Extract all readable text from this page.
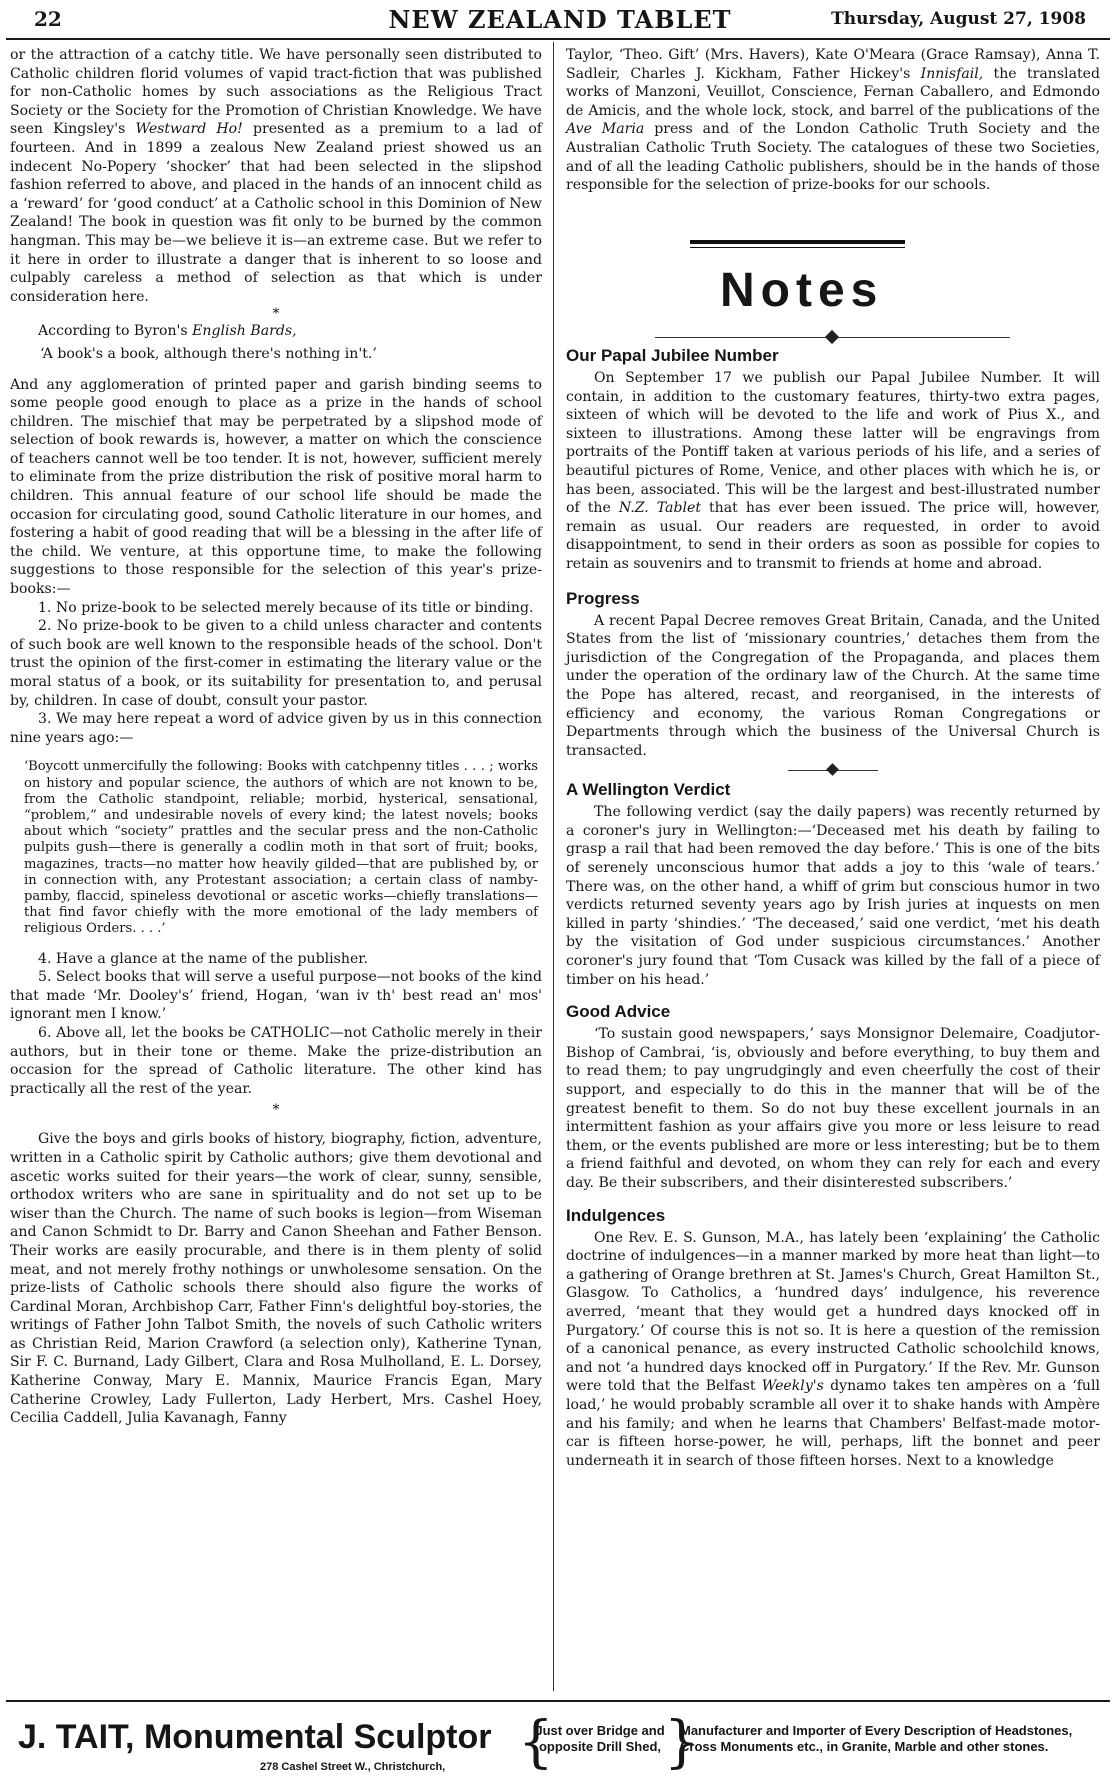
22	NEW ZEALAND TABLET	Thursday, August 27, 1908

or the attraction of a catchy title. We have personally seen distributed to Catholic children florid volumes of vapid tract-fiction that was published for non-Catholic homes by such associations as the Religious Tract Society or the Society for the Promotion of Christian Knowledge. We have seen Kingsley's Westward Ho! presented as a premium to a lad of fourteen. And in 1899 a zealous New Zealand priest showed us an indecent No-Popery ‘shocker’ that had been selected in the slipshod fashion referred to above, and placed in the hands of an innocent child as a ‘reward’ for ‘good conduct’ at a Catholic school in this Dominion of New Zealand! The book in question was fit only to be burned by the common hangman. This may be—we believe it is—an extreme case. But we refer to it here in order to illustrate a danger that is inherent to so loose and culpably careless a method of selection as that which is under consideration here.

*

According to Byron's English Bards,

‘A book's a book, although there's nothing in't.’

And any agglomeration of printed paper and garish binding seems to some people good enough to place as a prize in the hands of school children. The mischief that may be perpetrated by a slipshod mode of selection of book rewards is, however, a matter on which the conscience of teachers cannot well be too tender. It is not, however, sufficient merely to eliminate from the prize distribution the risk of positive moral harm to children. This annual feature of our school life should be made the occasion for circulating good, sound Catholic literature in our homes, and fostering a habit of good reading that will be a blessing in the after life of the child. We venture, at this opportune time, to make the following suggestions to those responsible for the selection of this year's prize-books:—

1. No prize-book to be selected merely because of its title or binding.

2. No prize-book to be given to a child unless character and contents of such book are well known to the responsible heads of the school. Don't trust the opinion of the first-comer in estimating the literary value or the moral status of a book, or its suitability for presentation to, and perusal by, children. In case of doubt, consult your pastor.

3. We may here repeat a word of advice given by us in this connection nine years ago:—

‘Boycott unmercifully the following: Books with catchpenny titles . . . ; works on history and popular science, the authors of which are not known to be, from the Catholic standpoint, reliable; morbid, hysterical, sensational, “problem,” and undesirable novels of every kind; the latest novels; books about which “society” prattles and the secular press and the non-Catholic pulpits gush—there is generally a codlin moth in that sort of fruit; books, magazines, tracts—no matter how heavily gilded—that are published by, or in connection with, any Protestant association; a certain class of namby-pamby, flaccid, spineless devotional or ascetic works—chiefly translations—that find favor chiefly with the more emotional of the lady members of religious Orders. . . .’

4. Have a glance at the name of the publisher.

5. Select books that will serve a useful purpose—not books of the kind that made ‘Mr. Dooley's’ friend, Hogan, ‘wan iv th' best read an' mos' ignorant men I know.’

6. Above all, let the books be CATHOLIC—not Catholic merely in their authors, but in their tone or theme. Make the prize-distribution an occasion for the spread of Catholic literature. The other kind has practically all the rest of the year.

*

Give the boys and girls books of history, biography, fiction, adventure, written in a Catholic spirit by Catholic authors; give them devotional and ascetic works suited for their years—the work of clear, sunny, sensible, orthodox writers who are sane in spirituality and do not set up to be wiser than the Church. The name of such books is legion—from Wiseman and Canon Schmidt to Dr. Barry and Canon Sheehan and Father Benson. Their works are easily procurable, and there is in them plenty of solid meat, and not merely frothy nothings or unwholesome sensation. On the prize-lists of Catholic schools there should also figure the works of Cardinal Moran, Archbishop Carr, Father Finn's delightful boy-stories, the writings of Father John Talbot Smith, the novels of such Catholic writers as Christian Reid, Marion Crawford (a selection only), Katherine Tynan, Sir F. C. Burnand, Lady Gilbert, Clara and Rosa Mulholland, E. L. Dorsey, Katherine Conway, Mary E. Mannix, Maurice Francis Egan, Mary Catherine Crowley, Lady Fullerton, Lady Herbert, Mrs. Cashel Hoey, Cecilia Caddell, Julia Kavanagh, Fanny

Taylor, ‘Theo. Gift’ (Mrs. Havers), Kate O'Meara (Grace Ramsay), Anna T. Sadleir, Charles J. Kickham, Father Hickey's Innisfail, the translated works of Manzoni, Veuillot, Conscience, Fernan Caballero, and Edmondo de Amicis, and the whole lock, stock, and barrel of the publications of the Ave Maria press and of the London Catholic Truth Society and the Australian Catholic Truth Society. The catalogues of these two Societies, and of all the leading Catholic publishers, should be in the hands of those responsible for the selection of prize-books for our schools.

Notes
Our Papal Jubilee Number

On September 17 we publish our Papal Jubilee Number. It will contain, in addition to the customary features, thirty-two extra pages, sixteen of which will be devoted to the life and work of Pius X., and sixteen to illustrations. Among these latter will be engravings from portraits of the Pontiff taken at various periods of his life, and a series of beautiful pictures of Rome, Venice, and other places with which he is, or has been, associated. This will be the largest and best-illustrated number of the N.Z. Tablet that has ever been issued. The price will, however, remain as usual. Our readers are requested, in order to avoid disappointment, to send in their orders as soon as possible for copies to retain as souvenirs and to transmit to friends at home and abroad.

Progress

A recent Papal Decree removes Great Britain, Canada, and the United States from the list of ‘missionary countries,’ detaches them from the jurisdiction of the Congregation of the Propaganda, and places them under the operation of the ordinary law of the Church. At the same time the Pope has altered, recast, and reorganised, in the interests of efficiency and economy, the various Roman Congregations or Departments through which the business of the Universal Church is transacted.

A Wellington Verdict

The following verdict (say the daily papers) was recently returned by a coroner's jury in Wellington:—‘Deceased met his death by failing to grasp a rail that had been removed the day before.’ This is one of the bits of serenely unconscious humor that adds a joy to this ‘wale of tears.’ There was, on the other hand, a whiff of grim but conscious humor in two verdicts returned seventy years ago by Irish juries at inquests on men killed in party ‘shindies.’ ‘The deceased,’ said one verdict, ‘met his death by the visitation of God under suspicious circumstances.’ Another coroner's jury found that ‘Tom Cusack was killed by the fall of a piece of timber on his head.’

Good Advice

‘To sustain good newspapers,’ says Monsignor Delemaire, Coadjutor-Bishop of Cambrai, ‘is, obviously and before everything, to buy them and to read them; to pay ungrudgingly and even cheerfully the cost of their support, and especially to do this in the manner that will be of the greatest benefit to them. So do not buy these excellent journals in an intermittent fashion as your affairs give you more or less leisure to read them, or the events published are more or less interesting; but be to them a friend faithful and devoted, on whom they can rely for each and every day. Be their subscribers, and their disinterested subscribers.’

Indulgences

One Rev. E. S. Gunson, M.A., has lately been ‘explaining’ the Catholic doctrine of indulgences—in a manner marked by more heat than light—to a gathering of Orange brethren at St. James's Church, Great Hamilton St., Glasgow. To Catholics, a ‘hundred days’ indulgence, his reverence averred, ‘meant that they would get a hundred days knocked off in Purgatory.’ Of course this is not so. It is here a question of the remission of a canonical penance, as every instructed Catholic schoolchild knows, and not ‘a hundred days knocked off in Purgatory.’ If the Rev. Mr. Gunson were told that the Belfast Weekly's dynamo takes ten ampères on a ‘full load,’ he would probably scramble all over it to shake hands with Ampère and his family; and when he learns that Chambers' Belfast-made motor-car is fifteen horse-power, he will, perhaps, lift the bonnet and peer underneath it in search of those fifteen horses. Next to a knowledge

J. TAIT, Monumental Sculptor
278 Cashel Street W., Christchurch, {
Just over Bridge and opposite Drill Shed, }
Manufacturer and Importer of Every Description of Headstones, Cross Monuments etc., in Granite, Marble and other stones.
